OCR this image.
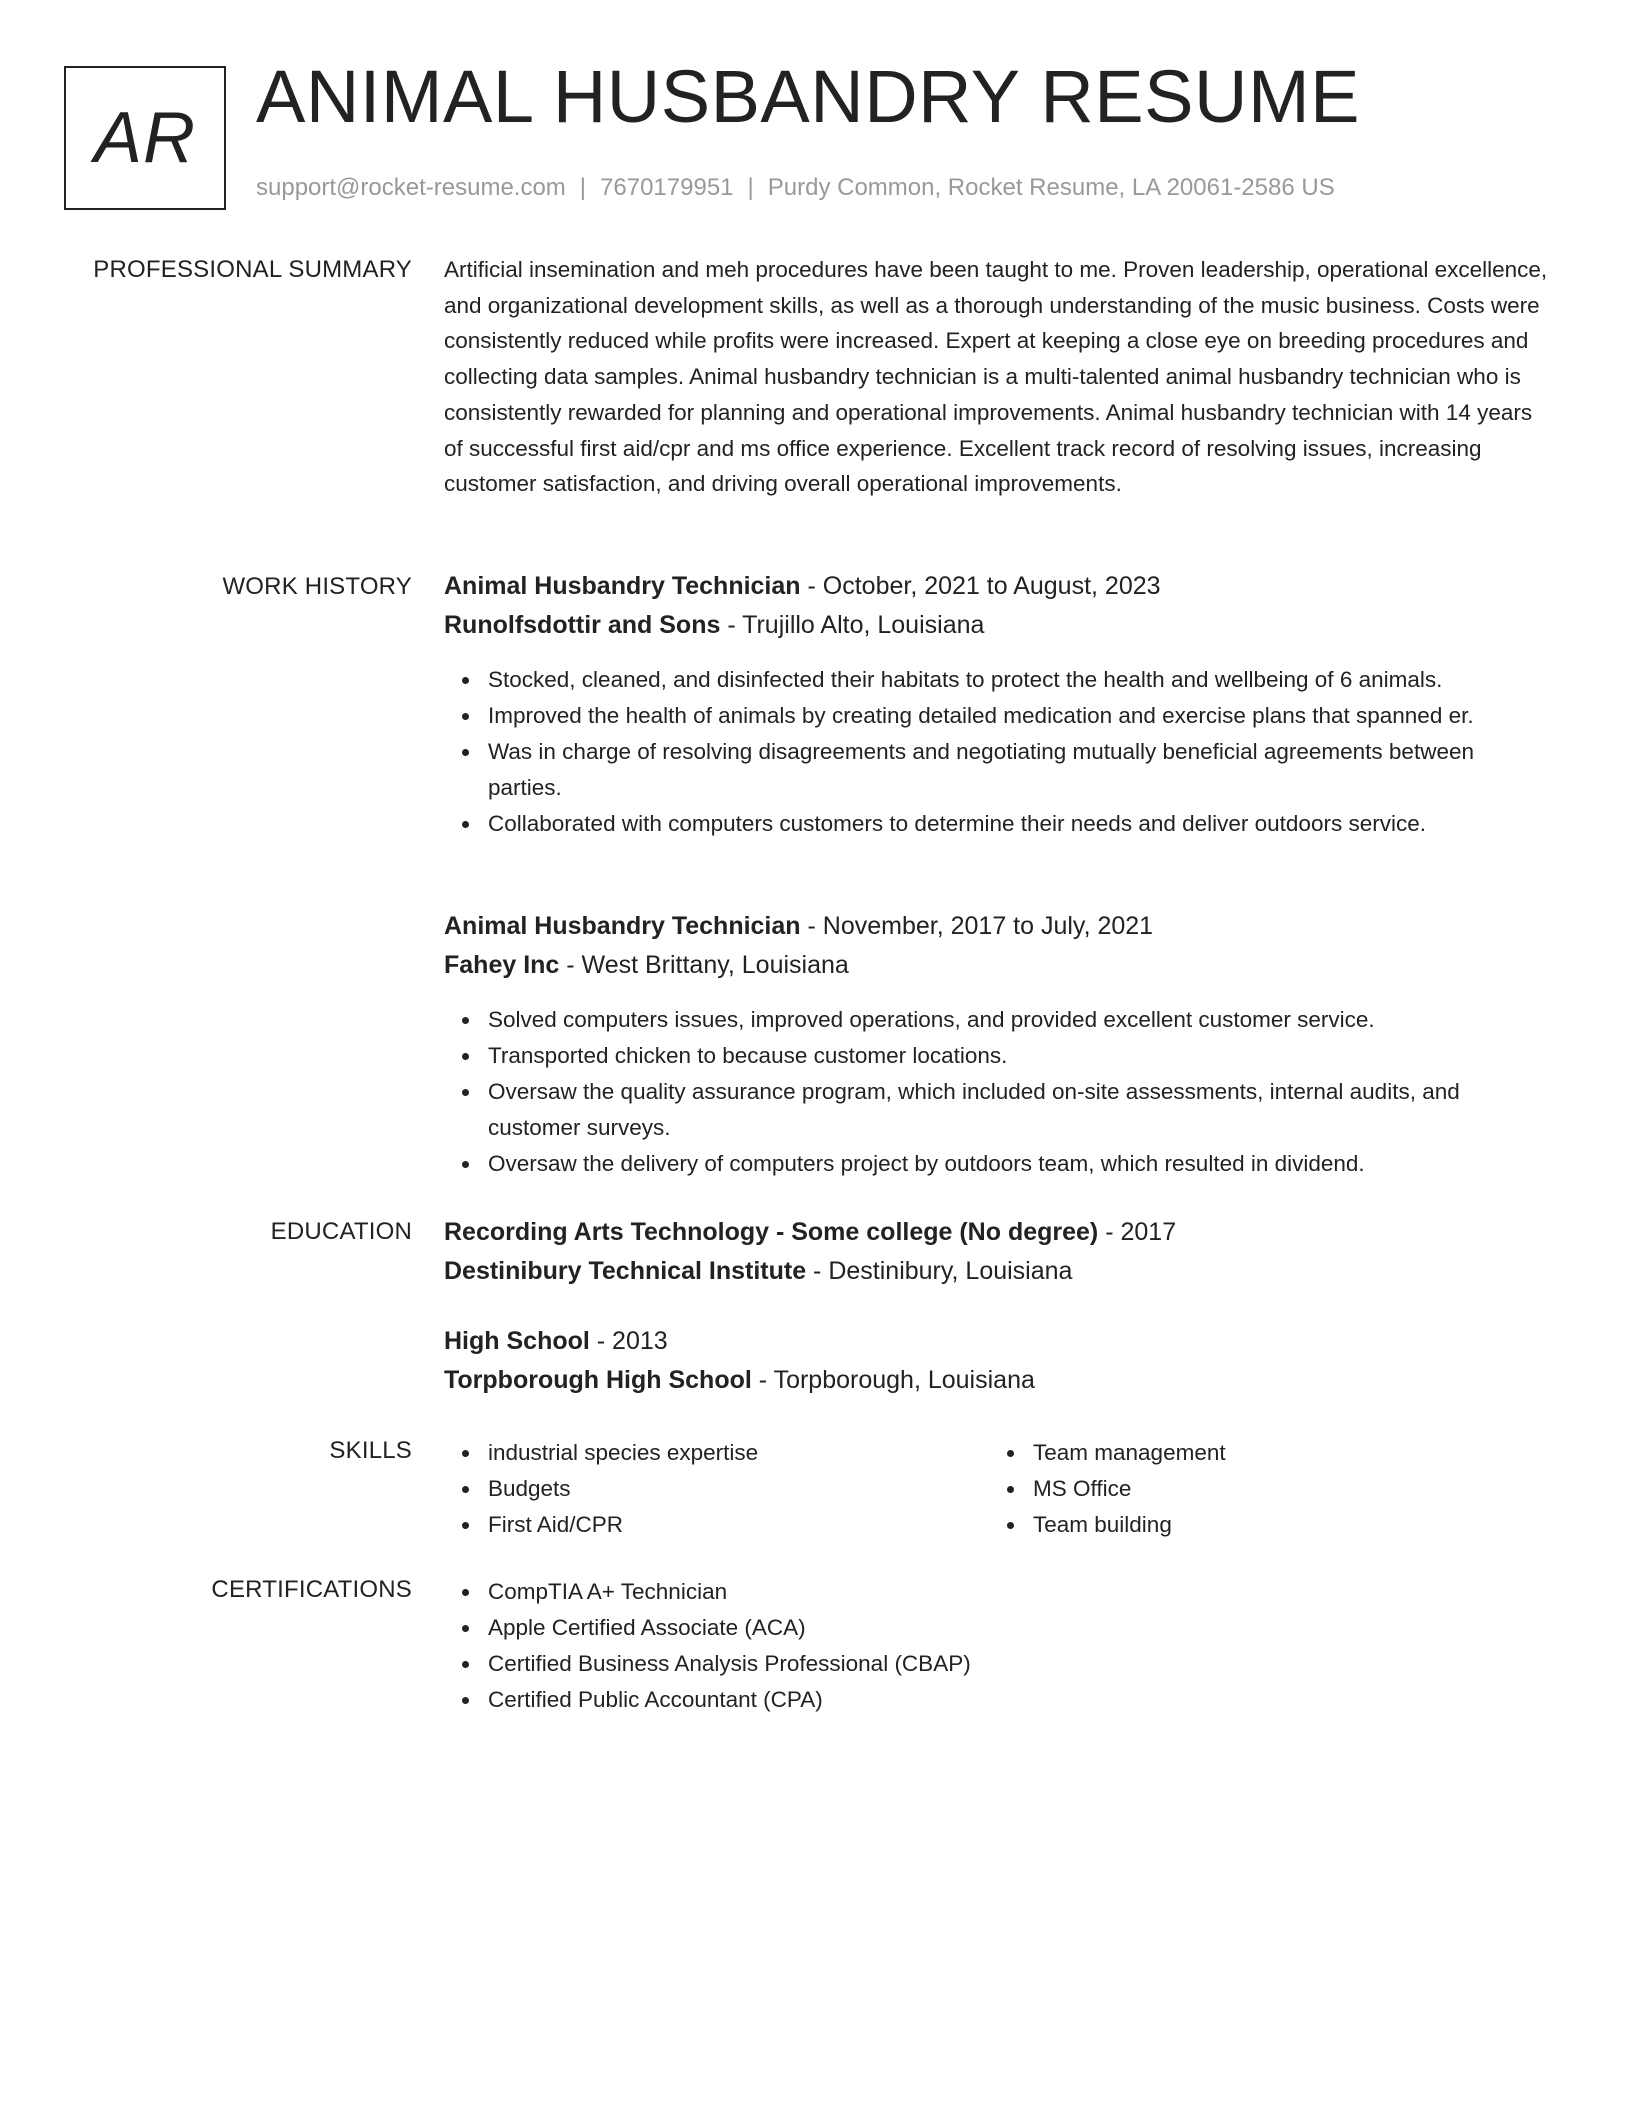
AR ANIMAL HUSBANDRY RESUME
support@rocket-resume.com | 7670179951 | Purdy Common, Rocket Resume, LA 20061-2586 US
PROFESSIONAL SUMMARY Artificial insemination and meh procedures have been taught to me. Proven leadership, operational excellence, and organizational development skills, as well as a thorough understanding of the music business. Costs were consistently reduced while profits were increased. Expert at keeping a close eye on breeding procedures and collecting data samples. Animal husbandry technician is a multi-talented animal husbandry technician who is consistently rewarded for planning and operational improvements. Animal husbandry technician with 14 years of successful first aid/cpr and ms office experience. Excellent track record of resolving issues, increasing customer satisfaction, and driving overall operational improvements.

WORK HISTORY Animal Husbandry Technician - October, 2021 to August, 2023
Runolfsdottir and Sons - Trujillo Alto, Louisiana
Stocked, cleaned, and disinfected their habitats to protect the health and wellbeing of 6 animals.
Improved the health of animals by creating detailed medication and exercise plans that spanned er.
Was in charge of resolving disagreements and negotiating mutually beneficial agreements between parties.
Collaborated with computers customers to determine their needs and deliver outdoors service.
Animal Husbandry Technician - November, 2017 to July, 2021
Fahey Inc - West Brittany, Louisiana
Solved computers issues, improved operations, and provided excellent customer service.
Transported chicken to because customer locations.
Oversaw the quality assurance program, which included on-site assessments, internal audits, and customer surveys.
Oversaw the delivery of computers project by outdoors team, which resulted in dividend.
EDUCATION Recording Arts Technology - Some college (No degree) - 2017
Destinibury Technical Institute - Destinibury, Louisiana
High School - 2013
Torpborough High School - Torpborough, Louisiana
SKILLS	industrial species expertise
Budgets
First Aid/CPR
Team management
MS Office
Team building
CERTIFICATIONS	CompTIA A+ Technician
Apple Certified Associate (ACA)
Certified Business Analysis Professional (CBAP)
Certified Public Accountant (CPA)
